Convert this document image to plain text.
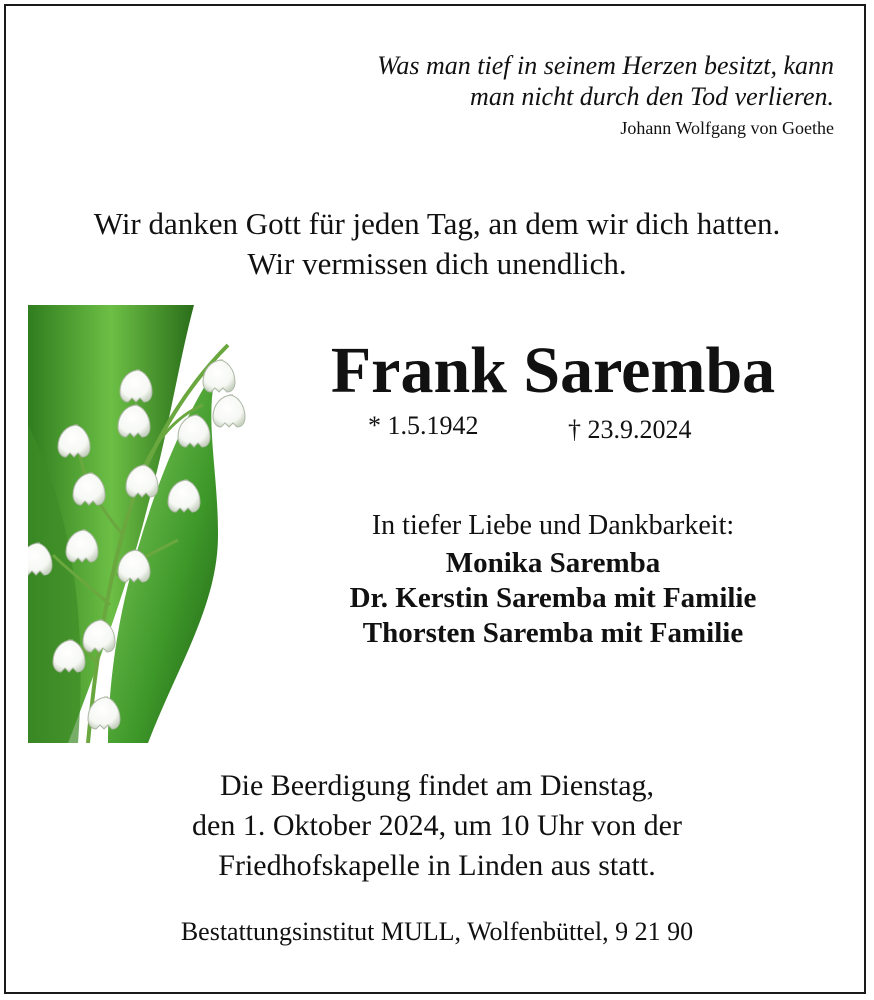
Was man tief in seinem Herzen besitzt, kann
man nicht durch den Tod verlieren.
Johann Wolfgang von Goethe
Wir danken Gott für jeden Tag, an dem wir dich hatten.
Wir vermissen dich unendlich.
Frank Saremba
* 1.5.1942	† 23.9.2024
In tiefer Liebe und Dankbarkeit:
Monika Saremba
Dr. Kerstin Saremba mit Familie
Thorsten Saremba mit Familie
Die Beerdigung findet am Dienstag,
den 1. Oktober 2024, um 10 Uhr von der
Friedhofskapelle in Linden aus statt.
Bestattungsinstitut MULL, Wolfenbüttel, 9 21 90
